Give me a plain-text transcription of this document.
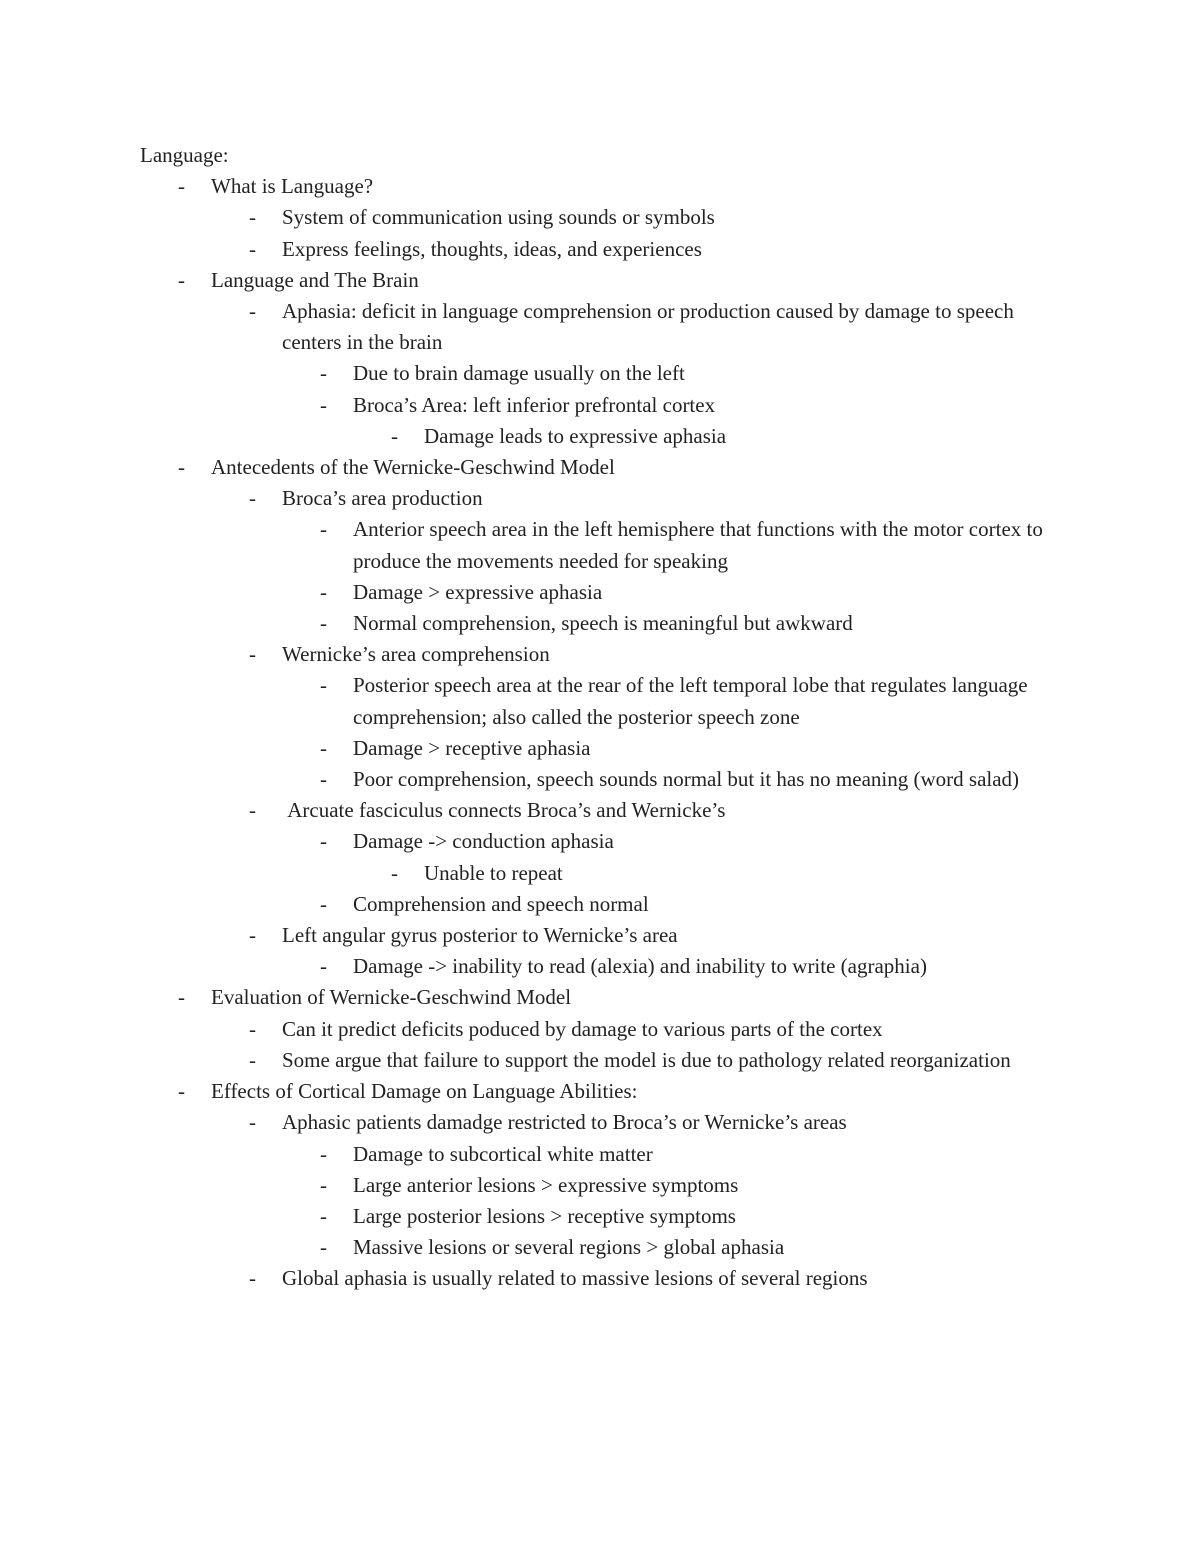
Language:
- What is Language?
- System of communication using sounds or symbols
- Express feelings, thoughts, ideas, and experiences
- Language and The Brain
- Aphasia: deficit in language comprehension or production caused by damage to speech centers in the brain
- Due to brain damage usually on the left
- Broca’s Area: left inferior prefrontal cortex
- Damage leads to expressive aphasia
- Antecedents of the Wernicke-Geschwind Model
- Broca’s area production
- Anterior speech area in the left hemisphere that functions with the motor cortex to produce the movements needed for speaking
- Damage > expressive aphasia
- Normal comprehension, speech is meaningful but awkward
- Wernicke’s area comprehension
- Posterior speech area at the rear of the left temporal lobe that regulates language comprehension; also called the posterior speech zone
- Damage > receptive aphasia
- Poor comprehension, speech sounds normal but it has no meaning (word salad)
- Arcuate fasciculus connects Broca’s and Wernicke’s
- Damage -> conduction aphasia
- Unable to repeat
- Comprehension and speech normal
- Left angular gyrus posterior to Wernicke’s area
- Damage -> inability to read (alexia) and inability to write (agraphia)
- Evaluation of Wernicke-Geschwind Model
- Can it predict deficits poduced by damage to various parts of the cortex
- Some argue that failure to support the model is due to pathology related reorganization
- Effects of Cortical Damage on Language Abilities:
- Aphasic patients damadge restricted to Broca’s or Wernicke’s areas
- Damage to subcortical white matter
- Large anterior lesions > expressive symptoms
- Large posterior lesions > receptive symptoms
- Massive lesions or several regions > global aphasia
- Global aphasia is usually related to massive lesions of several regions
